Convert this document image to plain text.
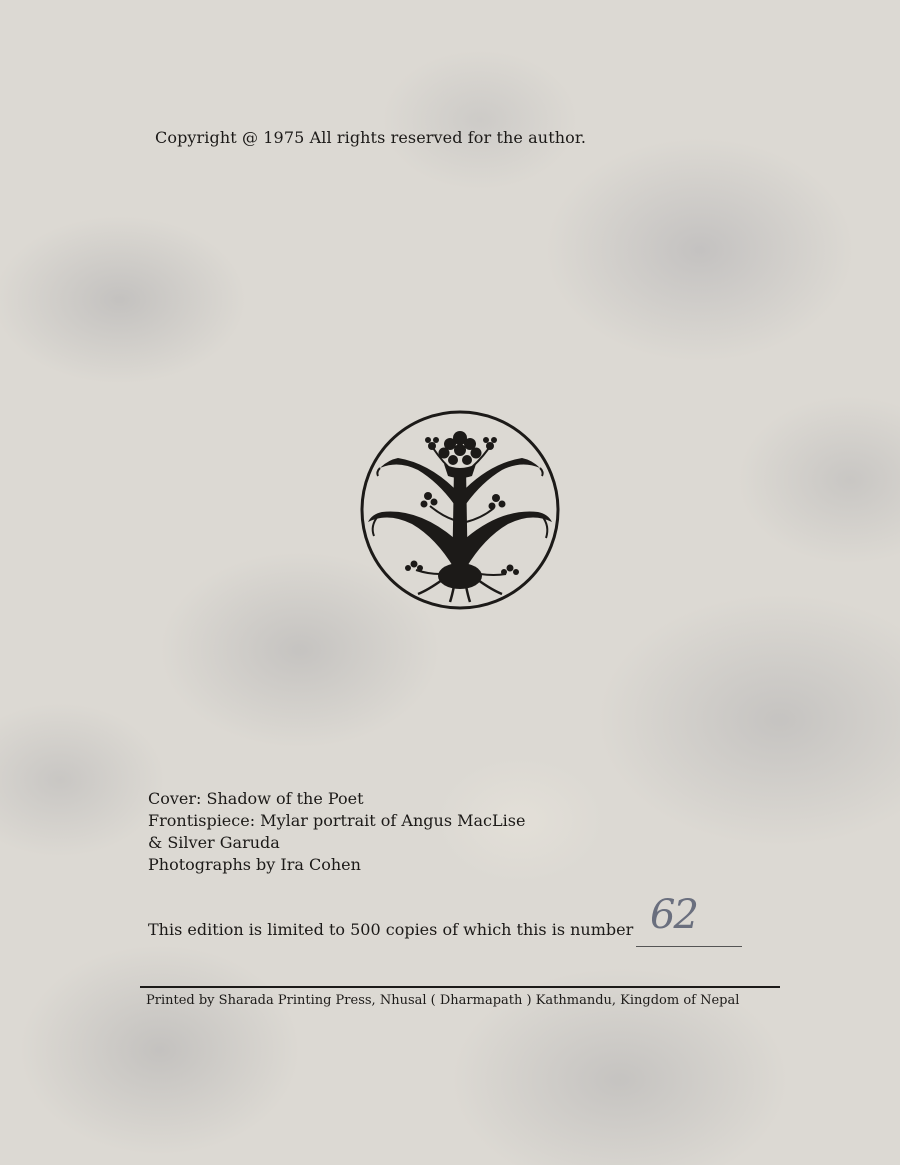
Copyright @ 1975 All rights reserved for the author.
Cover: Shadow of the Poet
Frontispiece: Mylar portrait of Angus MacLise
& Silver Garuda
Photographs by Ira Cohen
This edition is limited to 500 copies of which this is number 62
Printed by Sharada Printing Press, Nhusal ( Dharmapath ) Kathmandu, Kingdom of Nepal
